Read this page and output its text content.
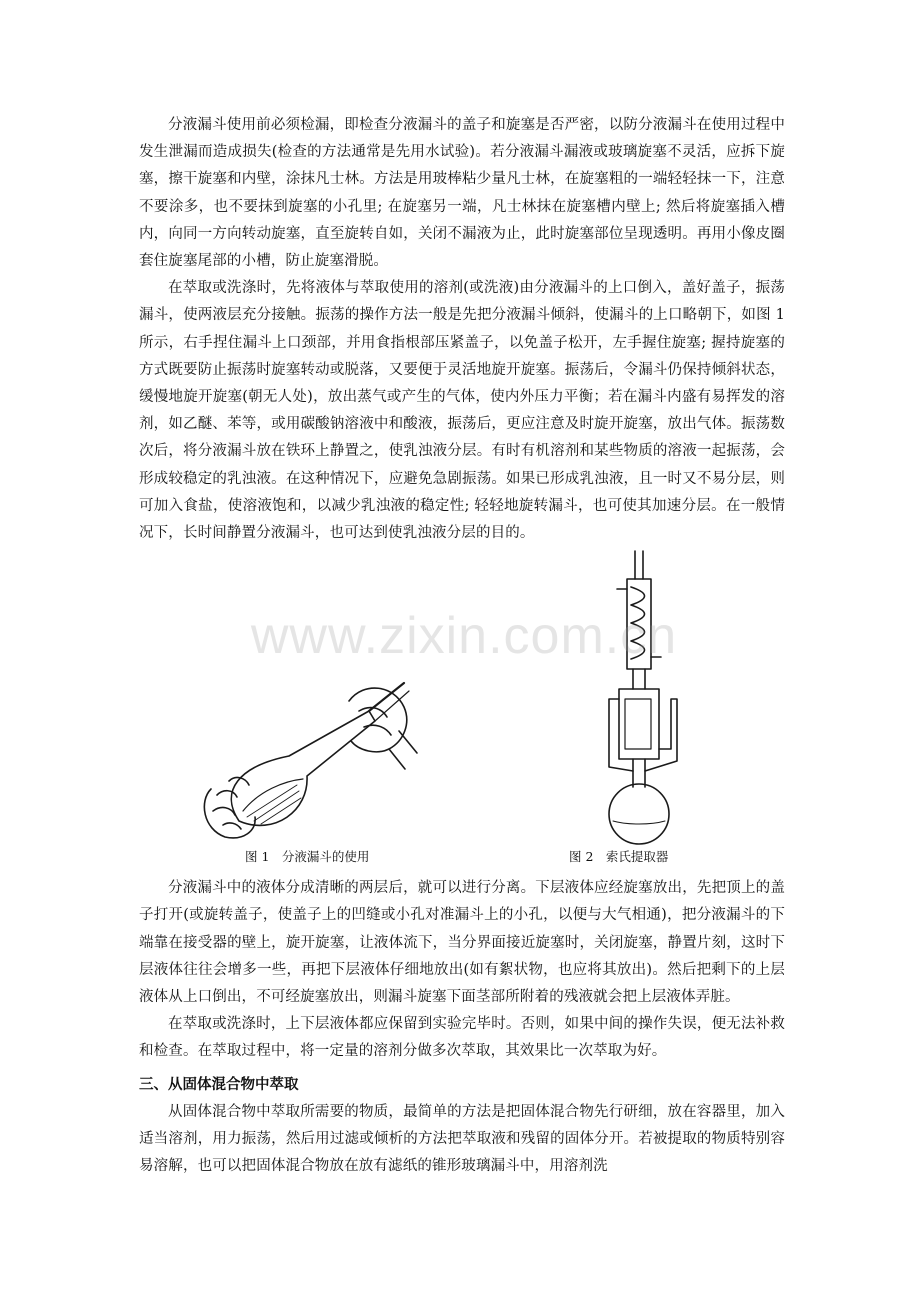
分液漏斗使用前必须检漏，即检查分液漏斗的盖子和旋塞是否严密，以防分液漏斗在使用过程中发生泄漏而造成损失(检查的方法通常是先用水试验)。若分液漏斗漏液或玻璃旋塞不灵活，应拆下旋塞，擦干旋塞和内壁，涂抹凡士林。方法是用玻棒粘少量凡士林，在旋塞粗的一端轻轻抹一下，注意不要涂多，也不要抹到旋塞的小孔里; 在旋塞另一端，凡士林抹在旋塞槽内壁上; 然后将旋塞插入槽内，向同一方向转动旋塞，直至旋转自如，关闭不漏液为止，此时旋塞部位呈现透明。再用小像皮圈套住旋塞尾部的小槽，防止旋塞滑脱。

在萃取或洗涤时，先将液体与萃取使用的溶剂(或洗液)由分液漏斗的上口倒入，盖好盖子，振荡漏斗，使两液层充分接触。振荡的操作方法一般是先把分液漏斗倾斜，使漏斗的上口略朝下，如图 1 所示，右手捏住漏斗上口颈部，并用食指根部压紧盖子，以免盖子松开，左手握住旋塞; 握持旋塞的方式既要防止振荡时旋塞转动或脱落，又要便于灵活地旋开旋塞。振荡后，令漏斗仍保持倾斜状态，缓慢地旋开旋塞(朝无人处)，放出蒸气或产生的气体，使内外压力平衡；若在漏斗内盛有易挥发的溶剂，如乙醚、苯等，或用碳酸钠溶液中和酸液，振荡后，更应注意及时旋开旋塞，放出气体。振荡数次后，将分液漏斗放在铁环上静置之，使乳浊液分层。有时有机溶剂和某些物质的溶液一起振荡，会形成较稳定的乳浊液。在这种情况下，应避免急剧振荡。如果已形成乳浊液，且一时又不易分层，则可加入食盐，使溶液饱和，以减少乳浊液的稳定性; 轻轻地旋转漏斗，也可使其加速分层。在一般情况下，长时间静置分液漏斗，也可达到使乳浊液分层的目的。

图 1　分液漏斗的使用	图 2　索氏提取器

分液漏斗中的液体分成清晰的两层后，就可以进行分离。下层液体应经旋塞放出，先把顶上的盖子打开(或旋转盖子，使盖子上的凹缝或小孔对准漏斗上的小孔，以便与大气相通)，把分液漏斗的下端靠在接受器的壁上，旋开旋塞，让液体流下，当分界面接近旋塞时，关闭旋塞，静置片刻，这时下层液体往往会增多一些，再把下层液体仔细地放出(如有絮状物，也应将其放出)。然后把剩下的上层液体从上口倒出，不可经旋塞放出，则漏斗旋塞下面茎部所附着的残液就会把上层液体弄脏。

在萃取或洗涤时，上下层液体都应保留到实验完毕时。否则，如果中间的操作失误，便无法补救和检查。在萃取过程中，将一定量的溶剂分做多次萃取，其效果比一次萃取为好。

三、从固体混合物中萃取

从固体混合物中萃取所需要的物质，最简单的方法是把固体混合物先行研细，放在容器里，加入适当溶剂，用力振荡，然后用过滤或倾析的方法把萃取液和残留的固体分开。若被提取的物质特别容易溶解，也可以把固体混合物放在放有滤纸的锥形玻璃漏斗中，用溶剂洗

www.zixin.com.cn
